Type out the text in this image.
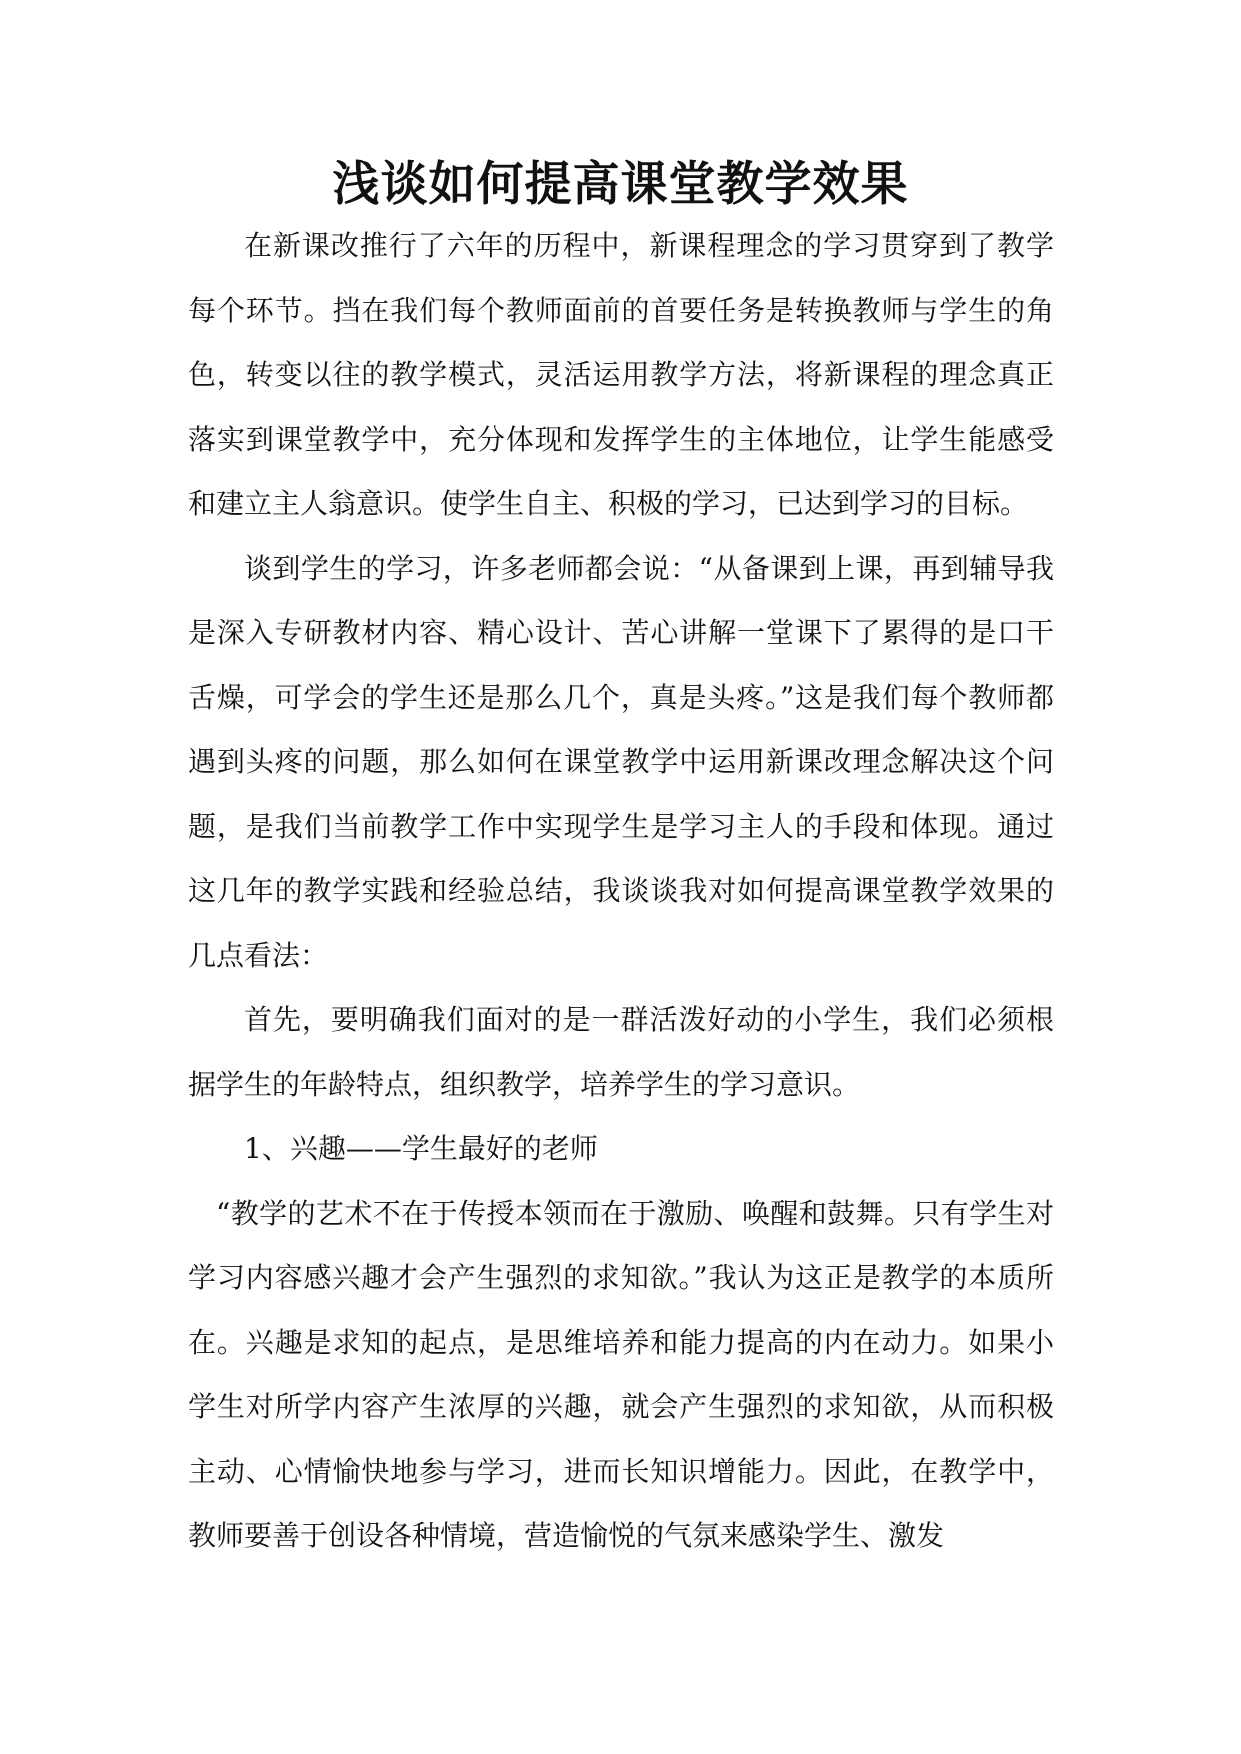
浅谈如何提高课堂教学效果

在新课改推行了六年的历程中，新课程理念的学习贯穿到了教学每个环节。挡在我们每个教师面前的首要任务是转换教师与学生的角色，转变以往的教学模式，灵活运用教学方法，将新课程的理念真正落实到课堂教学中，充分体现和发挥学生的主体地位，让学生能感受和建立主人翁意识。使学生自主、积极的学习，已达到学习的目标。

谈到学生的学习，许多老师都会说：“从备课到上课，再到辅导我是深入专研教材内容、精心设计、苦心讲解一堂课下了累得的是口干舌燥，可学会的学生还是那么几个，真是头疼。”这是我们每个教师都遇到头疼的问题，那么如何在课堂教学中运用新课改理念解决这个问题，是我们当前教学工作中实现学生是学习主人的手段和体现。通过这几年的教学实践和经验总结，我谈谈我对如何提高课堂教学效果的几点看法：

首先，要明确我们面对的是一群活泼好动的小学生，我们必须根据学生的年龄特点，组织教学，培养学生的学习意识。

1、兴趣——学生最好的老师

“教学的艺术不在于传授本领而在于激励、唤醒和鼓舞。只有学生对学习内容感兴趣才会产生强烈的求知欲。”我认为这正是教学的本质所在。兴趣是求知的起点，是思维培养和能力提高的内在动力。如果小学生对所学内容产生浓厚的兴趣，就会产生强烈的求知欲，从而积极主动、心情愉快地参与学习，进而长知识增能力。因此，在教学中，教师要善于创设各种情境，营造愉悦的气氛来感染学生、激发
